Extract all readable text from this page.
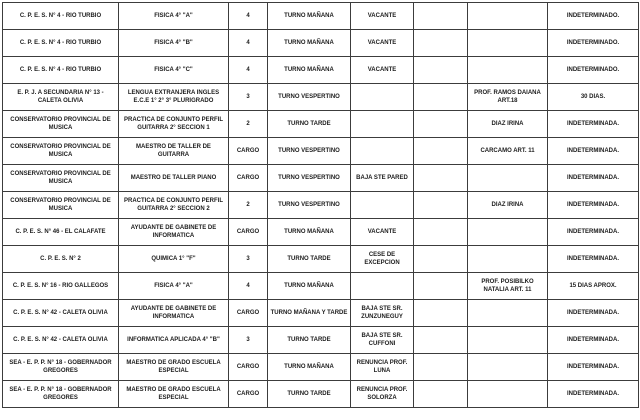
C. P. E. S. N° 4 - RIO TURBIO	FISICA 4° "A"	4	TURNO MAÑANA	VACANTE			INDETERMINADO.
C. P. E. S. N° 4 - RIO TURBIO	FISICA 4° "B"	4	TURNO MAÑANA	VACANTE			INDETERMINADO.
C. P. E. S. N° 4 - RIO TURBIO	FISICA 4° "C"	4	TURNO MAÑANA	VACANTE			INDETERMINADO.
E. P. J. A SECUNDARIA N° 13 - CALETA OLIVIA	LENGUA EXTRANJERA INGLES E.C.E 1° 2° 3° PLURIGRADO	3	TURNO VESPERTINO			PROF. RAMOS DAIANA ART.18	30 DIAS.
CONSERVATORIO PROVINCIAL DE MUSICA	PRACTICA DE CONJUNTO PERFIL GUITARRA 2° SECCION 1	2	TURNO TARDE			DIAZ IRINA	INDETERMINADA.
CONSERVATORIO PROVINCIAL DE MUSICA	MAESTRO DE TALLER DE GUITARRA	CARGO	TURNO VESPERTINO			CARCAMO ART. 11	INDETERMINADA.
CONSERVATORIO PROVINCIAL DE MUSICA	MAESTRO DE TALLER PIANO	CARGO	TURNO VESPERTINO	BAJA STE PARED			INDETERMINADA.
CONSERVATORIO PROVINCIAL DE MUSICA	PRACTICA DE CONJUNTO PERFIL GUITARRA 2° SECCION 2	2	TURNO VESPERTINO			DIAZ IRINA	INDETERMINADA.
C. P. E. S. N° 46 - EL CALAFATE	AYUDANTE DE GABINETE DE INFORMATICA	CARGO	TURNO MAÑANA	VACANTE			INDETERMINADA.
C. P. E. S. N° 2	QUIMICA 1° "F"	3	TURNO TARDE	CESE DE EXCEPCION			INDETERMINADA.
C. P. E. S. N° 16 - RIO GALLEGOS	FISICA 4° "A"	4	TURNO MAÑANA			PROF. POSIBILKO NATALIA ART. 11	15 DIAS APROX.
C. P. E. S. N° 42 - CALETA OLIVIA	AYUDANTE DE GABINETE DE INFORMATICA	CARGO	TURNO MAÑANA Y TARDE	BAJA STE SR. ZUNZUNEGUY			INDETERMINADA.
C. P. E. S. N° 42 - CALETA OLIVIA	INFORMATICA APLICADA 4° "B"	3	TURNO TARDE	BAJA STE SR. CUFFONI			INDETERMINADA.
SEA - E. P. P. N° 18 - GOBERNADOR GREGORES	MAESTRO DE GRADO ESCUELA ESPECIAL	CARGO	TURNO MAÑANA	RENUNCIA PROF. LUNA			INDETERMINADA.
SEA - E. P. P. N° 18 - GOBERNADOR GREGORES	MAESTRO DE GRADO ESCUELA ESPECIAL	CARGO	TURNO TARDE	RENUNCIA PROF. SOLORZA			INDETERMINADA.
